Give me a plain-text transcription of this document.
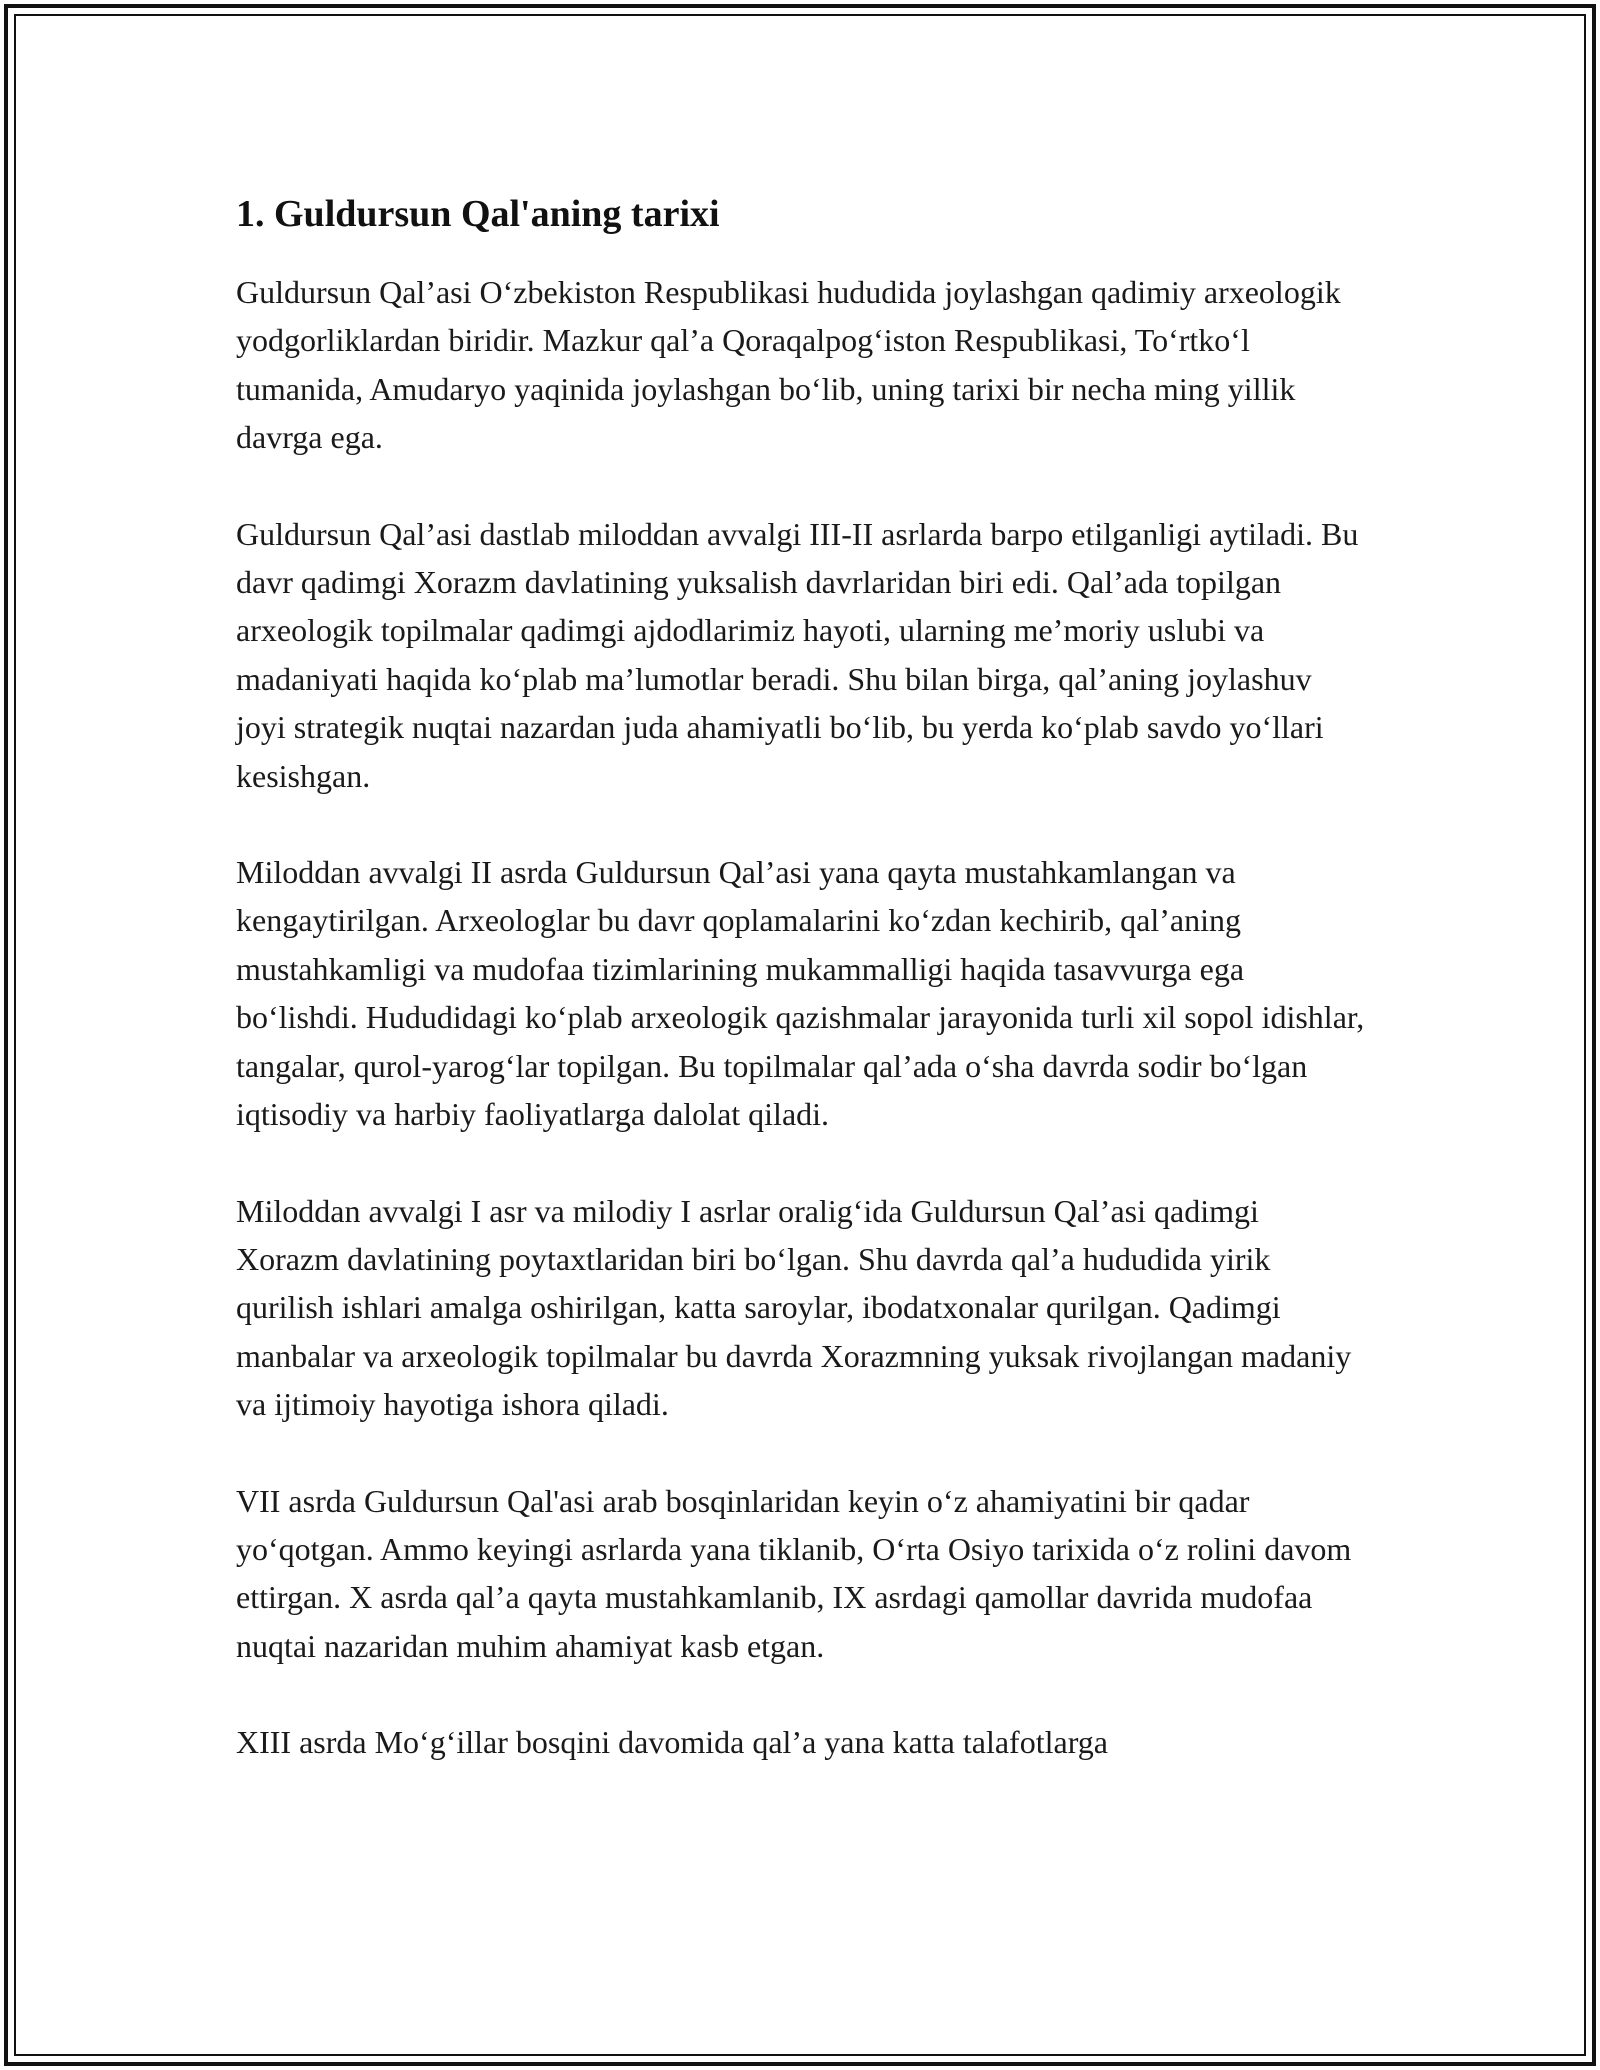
1. Guldursun Qal'aning tarixi

Guldursun Qal’asi O‘zbekiston Respublikasi hududida joylashgan qadimiy arxeologik yodgorliklardan biridir. Mazkur qal’a Qoraqalpog‘iston Respublikasi, To‘rtko‘l tumanida, Amudaryo yaqinida joylashgan bo‘lib, uning tarixi bir necha ming yillik davrga ega.

Guldursun Qal’asi dastlab miloddan avvalgi III-II asrlarda barpo etilganligi aytiladi. Bu davr qadimgi Xorazm davlatining yuksalish davrlaridan biri edi. Qal’ada topilgan arxeologik topilmalar qadimgi ajdodlarimiz hayoti, ularning me’moriy uslubi va madaniyati haqida ko‘plab ma’lumotlar beradi. Shu bilan birga, qal’aning joylashuv joyi strategik nuqtai nazardan juda ahamiyatli bo‘lib, bu yerda ko‘plab savdo yo‘llari kesishgan.

Miloddan avvalgi II asrda Guldursun Qal’asi yana qayta mustahkamlangan va kengaytirilgan. Arxeologlar bu davr qoplamalarini ko‘zdan kechirib, qal’aning mustahkamligi va mudofaa tizimlarining mukammalligi haqida tasavvurga ega bo‘lishdi. Hududidagi ko‘plab arxeologik qazishmalar jarayonida turli xil sopol idishlar, tangalar, qurol-yarog‘lar topilgan. Bu topilmalar qal’ada o‘sha davrda sodir bo‘lgan iqtisodiy va harbiy faoliyatlarga dalolat qiladi.

Miloddan avvalgi I asr va milodiy I asrlar oralig‘ida Guldursun Qal’asi qadimgi Xorazm davlatining poytaxtlaridan biri bo‘lgan. Shu davrda qal’a hududida yirik qurilish ishlari amalga oshirilgan, katta saroylar, ibodatxonalar qurilgan. Qadimgi manbalar va arxeologik topilmalar bu davrda Xorazmning yuksak rivojlangan madaniy va ijtimoiy hayotiga ishora qiladi.

VII asrda Guldursun Qal'asi arab bosqinlaridan keyin o‘z ahamiyatini bir qadar yo‘qotgan. Ammo keyingi asrlarda yana tiklanib, O‘rta Osiyo tarixida o‘z rolini davom ettirgan. X asrda qal’a qayta mustahkamlanib, IX asrdagi qamollar davrida mudofaa nuqtai nazaridan muhim ahamiyat kasb etgan.

XIII asrda Mo‘g‘illar bosqini davomida qal’a yana katta talafotlarga
